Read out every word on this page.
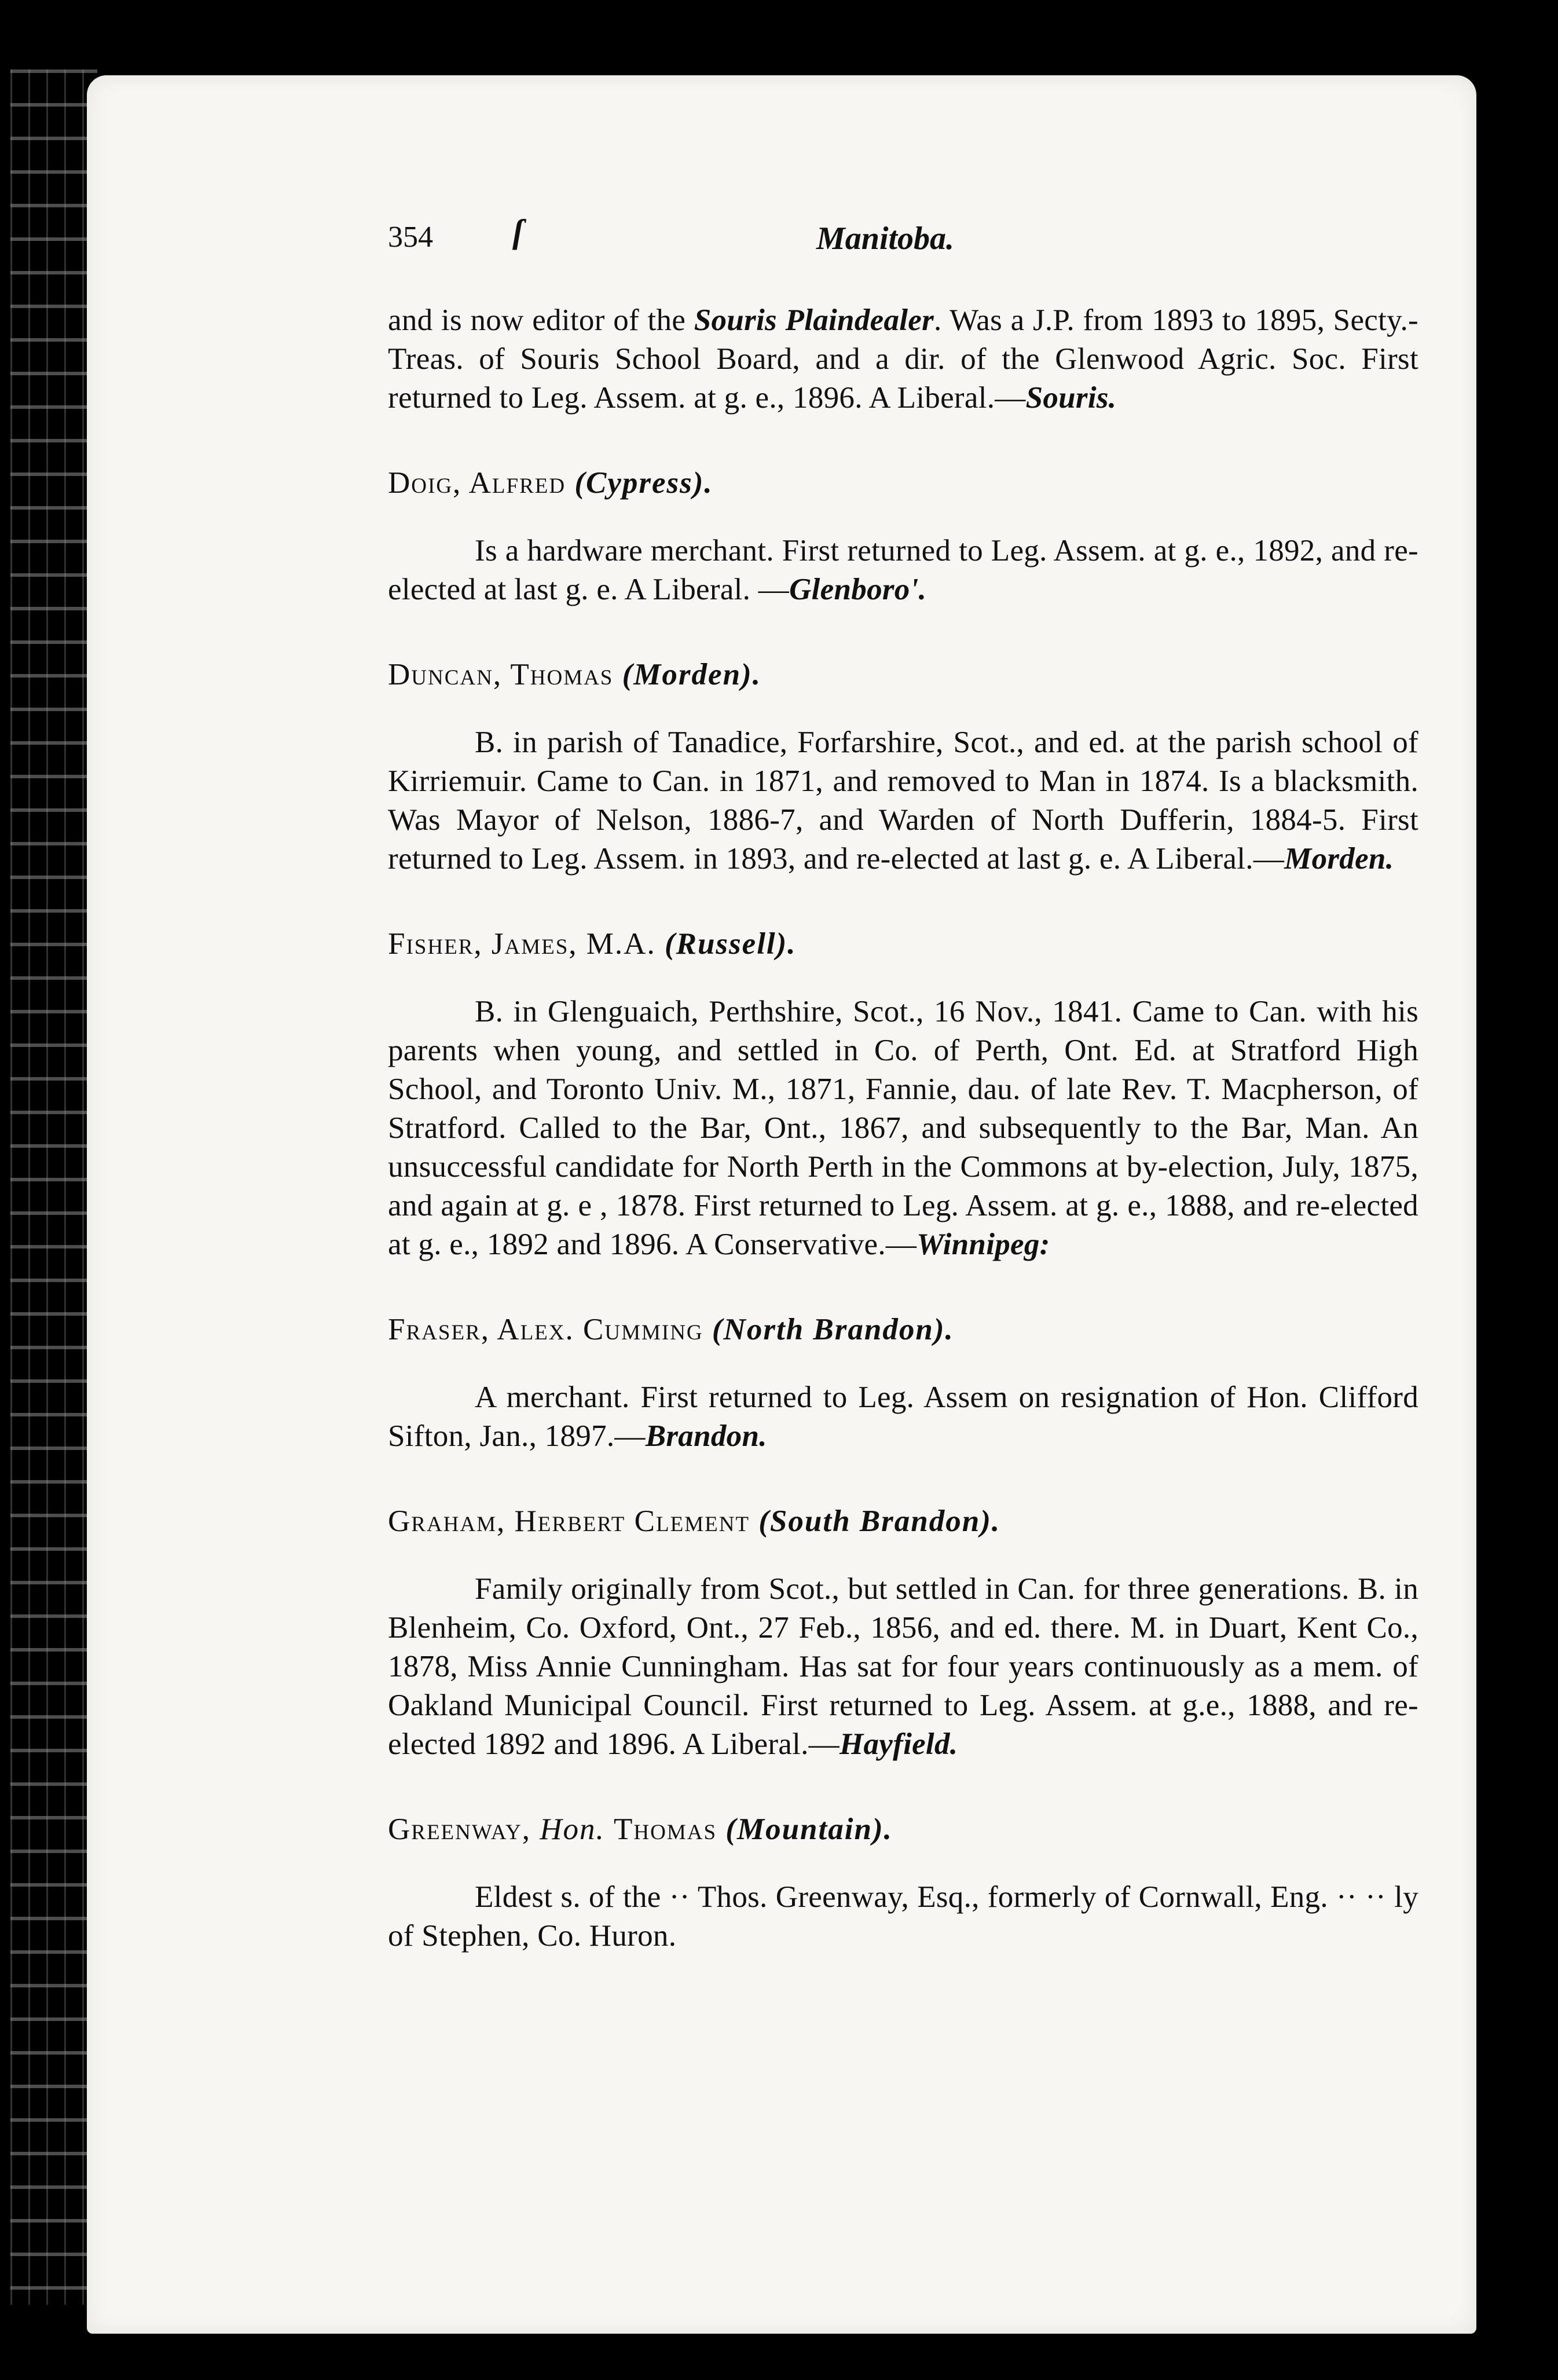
354 ſ	Manitoba.

and is now editor of the Souris Plaindealer. Was a J.P. from 1893 to 1895, Secty.-Treas. of Souris School Board, and a dir. of the Glenwood Agric. Soc. First returned to Leg. Assem. at g. e., 1896. A Liberal.—Souris.

Doig, Alfred (Cypress).

Is a hardware merchant. First returned to Leg. Assem. at g. e., 1892, and re-elected at last g. e. A Liberal. —Glenboro'.

Duncan, Thomas (Morden).

B. in parish of Tanadice, Forfarshire, Scot., and ed. at the parish school of Kirriemuir. Came to Can. in 1871, and removed to Man in 1874. Is a blacksmith. Was Mayor of Nelson, 1886-7, and Warden of North Dufferin, 1884-5. First returned to Leg. Assem. in 1893, and re-elected at last g. e. A Liberal.—Morden.

Fisher, James, M.A. (Russell).

B. in Glenguaich, Perthshire, Scot., 16 Nov., 1841. Came to Can. with his parents when young, and settled in Co. of Perth, Ont. Ed. at Stratford High School, and Toronto Univ. M., 1871, Fannie, dau. of late Rev. T. Macpherson, of Stratford. Called to the Bar, Ont., 1867, and subsequently to the Bar, Man. An unsuccessful candidate for North Perth in the Commons at by-election, July, 1875, and again at g. e , 1878. First returned to Leg. Assem. at g. e., 1888, and re-elected at g. e., 1892 and 1896. A Conservative.—Winnipeg:

Fraser, Alex. Cumming (North Brandon).

A merchant. First returned to Leg. Assem on resignation of Hon. Clifford Sifton, Jan., 1897.—Brandon.

Graham, Herbert Clement (South Brandon).

Family originally from Scot., but settled in Can. for three generations. B. in Blenheim, Co. Oxford, Ont., 27 Feb., 1856, and ed. there. M. in Duart, Kent Co., 1878, Miss Annie Cunningham. Has sat for four years continuously as a mem. of Oakland Municipal Council. First returned to Leg. Assem. at g.e., 1888, and re-elected 1892 and 1896. A Liberal.—Hayfield.

Greenway, Hon. Thomas (Mountain).

Eldest s. of the ·· Thos. Greenway, Esq., formerly of Cornwall, Eng. ·· ·· ly of Stephen, Co. Huron.
